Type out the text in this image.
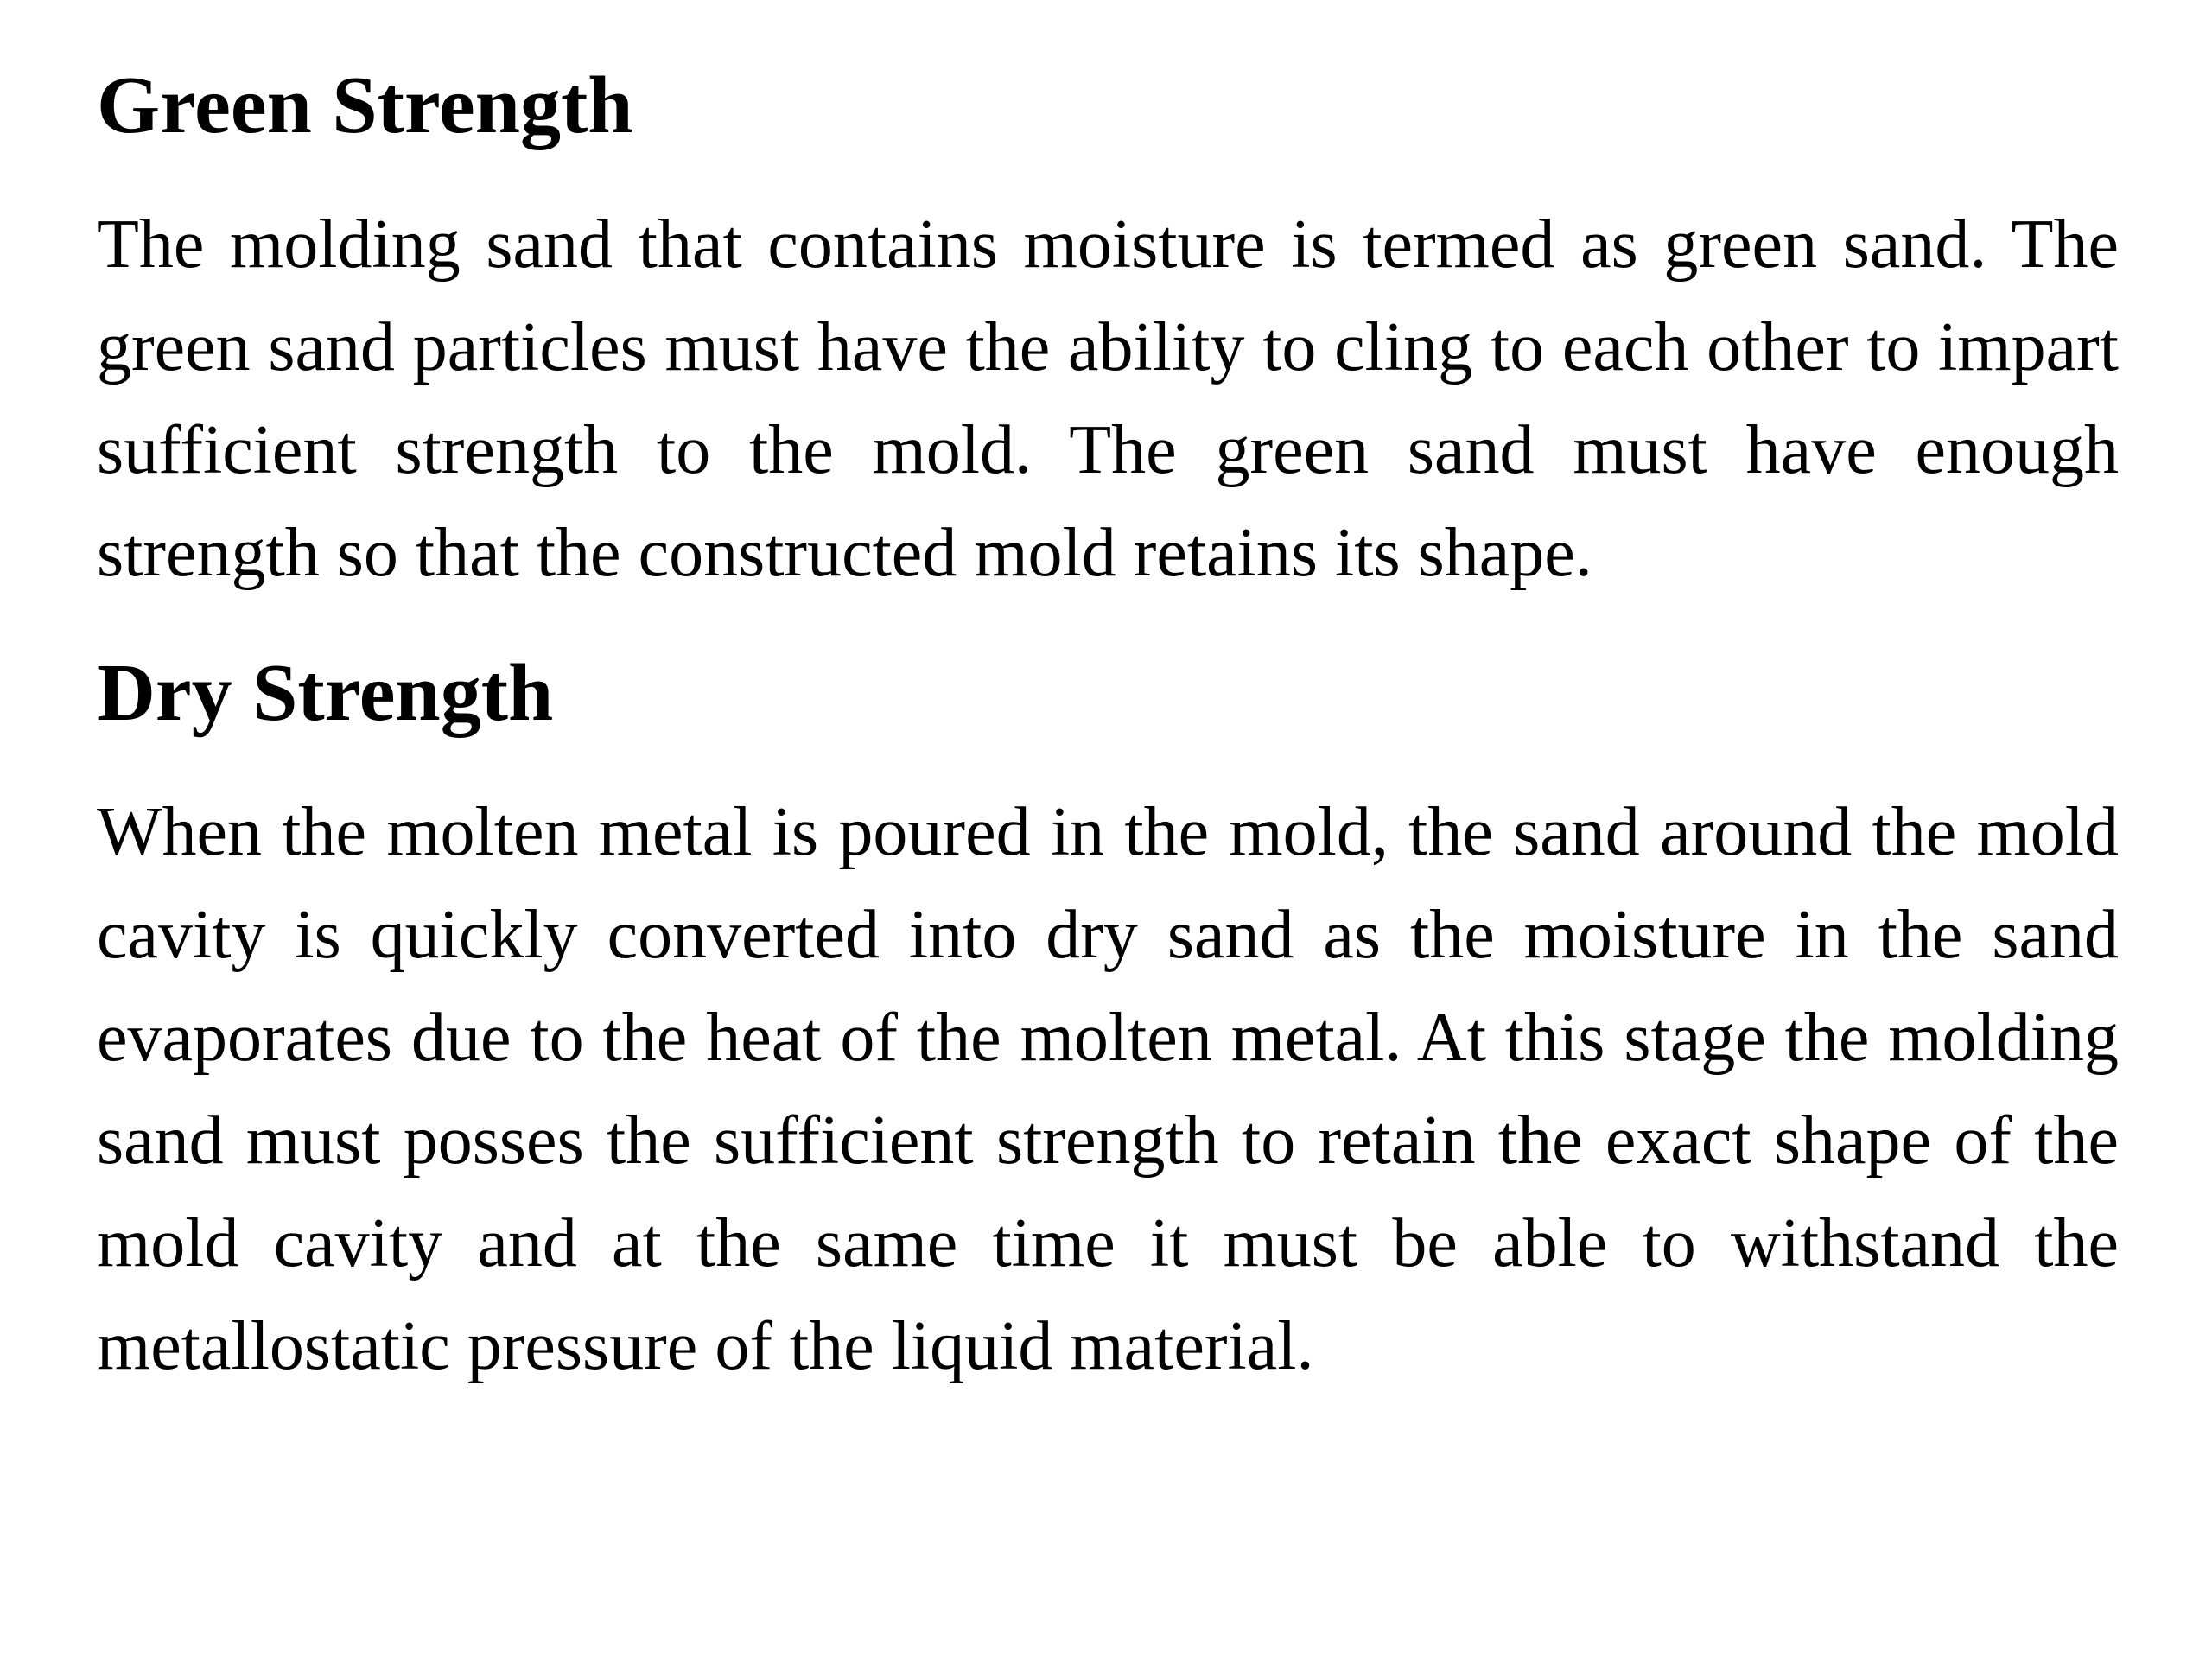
Green Strength

The molding sand that contains moisture is termed as green sand. The green sand particles must have the ability to cling to each other to impart sufficient strength to the mold. The green sand must have enough strength so that the constructed mold retains its shape.

Dry Strength

When the molten metal is poured in the mold, the sand around the mold cavity is quickly converted into dry sand as the moisture in the sand evaporates due to the heat of the molten metal. At this stage the molding sand must posses the sufficient strength to retain the exact shape of the mold cavity and at the same time it must be able to withstand the metallostatic pressure of the liquid material.
